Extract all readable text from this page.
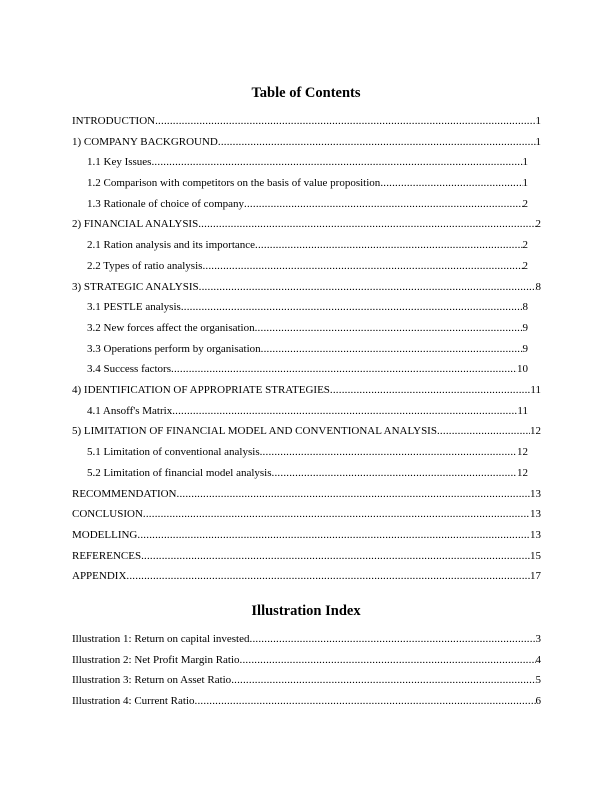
Table of Contents
INTRODUCTION .....	1
1) COMPANY BACKGROUND .....	1
1.1 Key Issues .....	1
1.2 Comparison with competitors on the basis of value proposition .....	1
1.3 Rationale of choice of company .....	2
2) FINANCIAL ANALYSIS .....	2
2.1 Ration analysis and its importance .....	2
2.2 Types of ratio analysis .....	2
3) STRATEGIC ANALYSIS .....	8
3.1 PESTLE analysis .....	8
3.2 New forces affect the organisation .....	9
3.3 Operations perform by organisation .....	9
3.4 Success factors .....	10
4) IDENTIFICATION OF APPROPRIATE STRATEGIES .....	11
4.1 Ansoff's Matrix .....	11
5) LIMITATION OF FINANCIAL MODEL AND CONVENTIONAL ANALYSIS .....	12
5.1 Limitation of conventional analysis .....	12
5.2 Limitation of financial model analysis .....	12
RECOMMENDATION .....	13
CONCLUSION .....	13
MODELLING .....	13
REFERENCES .....	15
APPENDIX .....	17
Illustration Index
Illustration 1: Return on capital invested .....	3
Illustration 2: Net Profit Margin Ratio .....	4
Illustration 3: Return on Asset Ratio .....	5
Illustration 4: Current Ratio .....	6
